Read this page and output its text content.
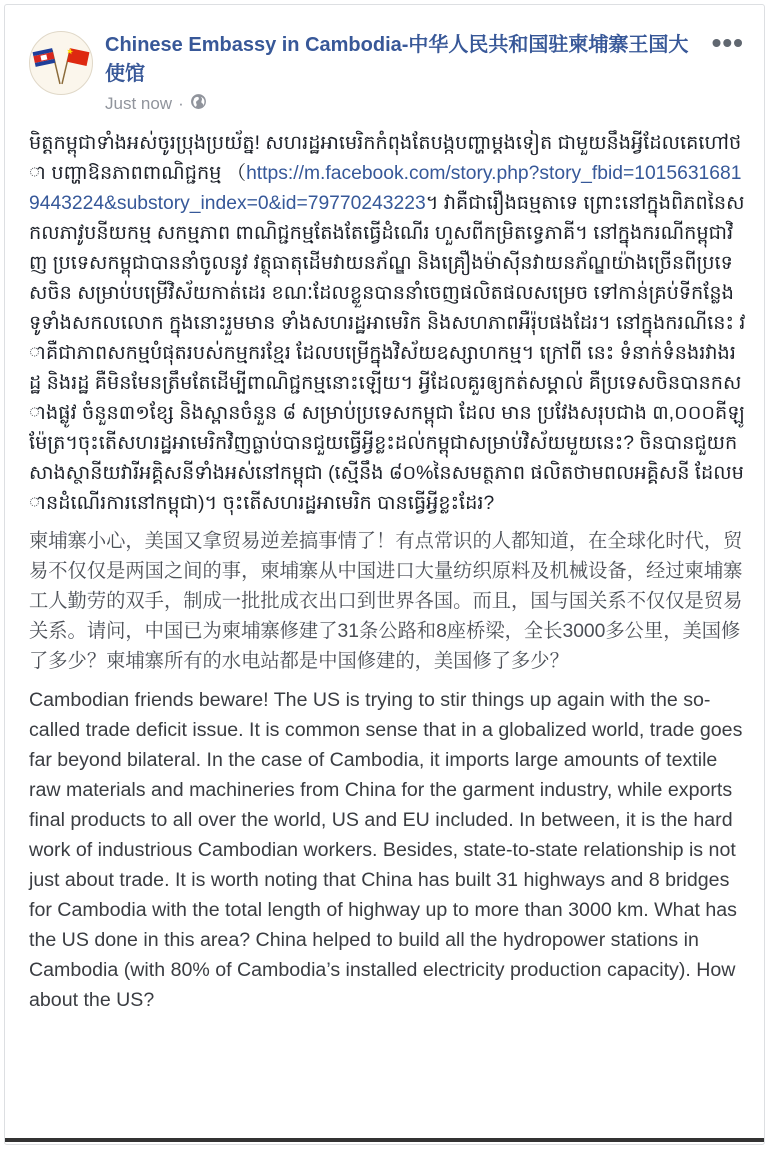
Chinese Embassy in Cambodia-中华人民共和国驻柬埔寨王国大使馆
Just now ·
•••

មិត្តកម្ពុជាទាំងអស់ចូរប្រុងប្រយ័ត្ន! សហរដ្ឋអាមេរិកកំពុងតែបង្កបញ្ហាម្តងទៀត ជាមួយនឹងអ្វីដែលគេហៅថា បញ្ហាឱនភាពពាណិជ្ជកម្ម （https://m.facebook.com/story.php?story_fbid=10156316819443224&substory_index=0&id=79770243223។ វាគឺជារឿងធម្មតាទេ ព្រោះនៅក្នុងពិភពនៃសកលភាវូបនីយកម្ម សកម្មភាព ពាណិជ្ជកម្មតែងតែធ្វើដំណើរ ហួសពីកម្រិតទ្វេភាគី។ នៅក្នុងករណីកម្ពុជាវិញ ប្រទេសកម្ពុជាបាននាំចូលនូវ វត្ថុធាតុដើមវាយនភ័ណ្ឌ និងគ្រឿងម៉ាស៊ីនវាយនភ័ណ្ឌយ៉ាងច្រើនពីប្រទេសចិន សម្រាប់បម្រើវិស័យកាត់ដេរ ខណៈដែលខ្លួនបាននាំចេញផលិតផលសម្រេច ទៅកាន់គ្រប់ទីកន្លែងទូទាំងសកលលោក ក្នុងនោះរួមមាន ទាំងសហរដ្ឋអាមេរិក និងសហភាពអឺរ៉ុបផងដែរ។ នៅក្នុងករណីនេះ វាគឺជាភាពសកម្មបំផុតរបស់កម្មករខ្មែរ ដែលបម្រើក្នុងវិស័យឧស្សាហកម្ម។ ក្រៅពី នេះ ទំនាក់ទំនងរវាងរដ្ឋ និងរដ្ឋ គឺមិនមែនត្រឹមតែដើម្បីពាណិជ្ជកម្មនោះឡើយ។ អ្វីដែលគួរឲ្យកត់សម្គាល់ គឺប្រទេសចិនបានកសាងផ្លូវ ចំនួន៣១ខ្សែ និងស្ពានចំនួន ៨ សម្រាប់ប្រទេសកម្ពុជា ដែល មាន ប្រវែងសរុបជាង ៣,០០០គីឡូម៉ែត្រ។ចុះតើសហរដ្ឋអាមេរិកវិញធ្លាប់បានជួយធ្វើអ្វីខ្លះដល់កម្ពុជាសម្រាប់វិស័យមួយនេះ? ចិនបានជួយកសាងស្ថានីយវារីអគ្គិសនីទាំងអស់នៅកម្ពុជា (ស្មើនឹង ៨០%នៃសមត្ថភាព ផលិតថាមពលអគ្គិសនី ដែលមានដំណើរការនៅកម្ពុជា)។ ចុះតើសហរដ្ឋអាមេរិក បានធ្វើអ្វីខ្លះដែរ?

柬埔寨小心，美国又拿贸易逆差搞事情了！有点常识的人都知道，在全球化时代，贸易不仅仅是两国之间的事，柬埔寨从中国进口大量纺织原料及机械设备，经过柬埔寨工人勤劳的双手，制成一批批成衣出口到世界各国。而且，国与国关系不仅仅是贸易关系。请问，中国已为柬埔寨修建了31条公路和8座桥梁，全长3000多公里，美国修了多少？柬埔寨所有的水电站都是中国修建的，美国修了多少？

Cambodian friends beware! The US is trying to stir things up again with the so-called trade deficit issue. It is common sense that in a globalized world, trade goes far beyond bilateral. In the case of Cambodia, it imports large amounts of textile raw materials and machineries from China for the garment industry, while exports final products to all over the world, US and EU included. In between, it is the hard work of industrious Cambodian workers. Besides, state-to-state relationship is not just about trade. It is worth noting that China has built 31 highways and 8 bridges for Cambodia with the total length of highway up to more than 3000 km. What has the US done in this area? China helped to build all the hydropower stations in Cambodia (with 80% of Cambodia’s installed electricity production capacity). How about the US?
